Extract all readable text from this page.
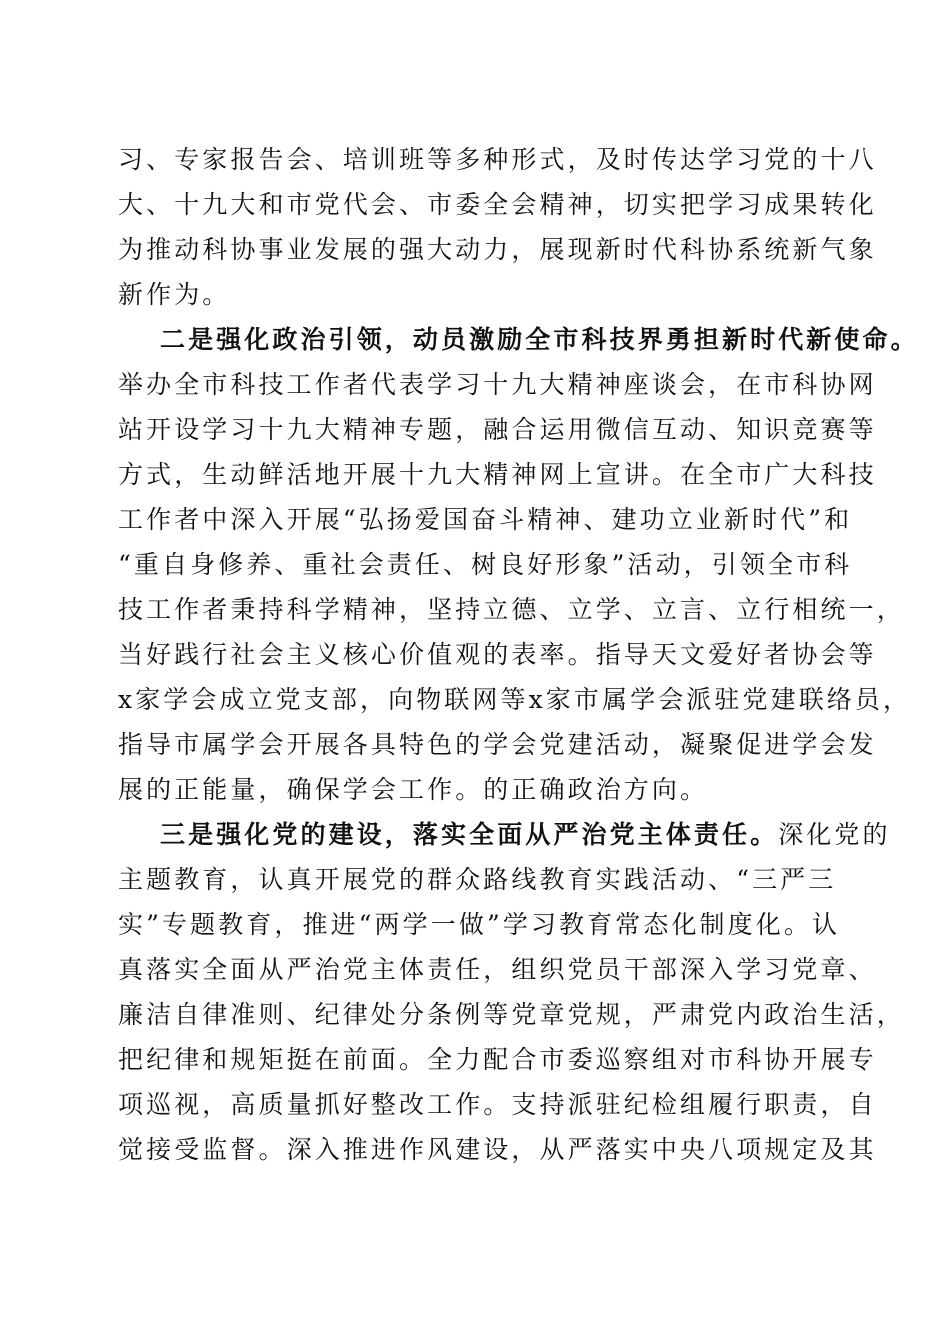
习、专家报告会、培训班等多种形式，及时传达学习党的十八
大、十九大和市党代会、市委全会精神，切实把学习成果转化
为推动科协事业发展的强大动力，展现新时代科协系统新气象
新作为。
二是强化政治引领，动员激励全市科技界勇担新时代新使命。
举办全市科技工作者代表学习十九大精神座谈会，在市科协网
站开设学习十九大精神专题，融合运用微信互动、知识竞赛等
方式，生动鲜活地开展十九大精神网上宣讲。在全市广大科技
工作者中深入开展“弘扬爱国奋斗精神、建功立业新时代”和
“重自身修养、重社会责任、树良好形象”活动，引领全市科
技工作者秉持科学精神，坚持立德、立学、立言、立行相统一，
当好践行社会主义核心价值观的表率。指导天文爱好者协会等
x家学会成立党支部，向物联网等x家市属学会派驻党建联络员，
指导市属学会开展各具特色的学会党建活动，凝聚促进学会发
展的正能量，确保学会工作。的正确政治方向。
三是强化党的建设，落实全面从严治党主体责任。深化党的
主题教育，认真开展党的群众路线教育实践活动、“三严三
实”专题教育，推进“两学一做”学习教育常态化制度化。认
真落实全面从严治党主体责任，组织党员干部深入学习党章、
廉洁自律准则、纪律处分条例等党章党规，严肃党内政治生活，
把纪律和规矩挺在前面。全力配合市委巡察组对市科协开展专
项巡视，高质量抓好整改工作。支持派驻纪检组履行职责，自
觉接受监督。深入推进作风建设，从严落实中央八项规定及其
